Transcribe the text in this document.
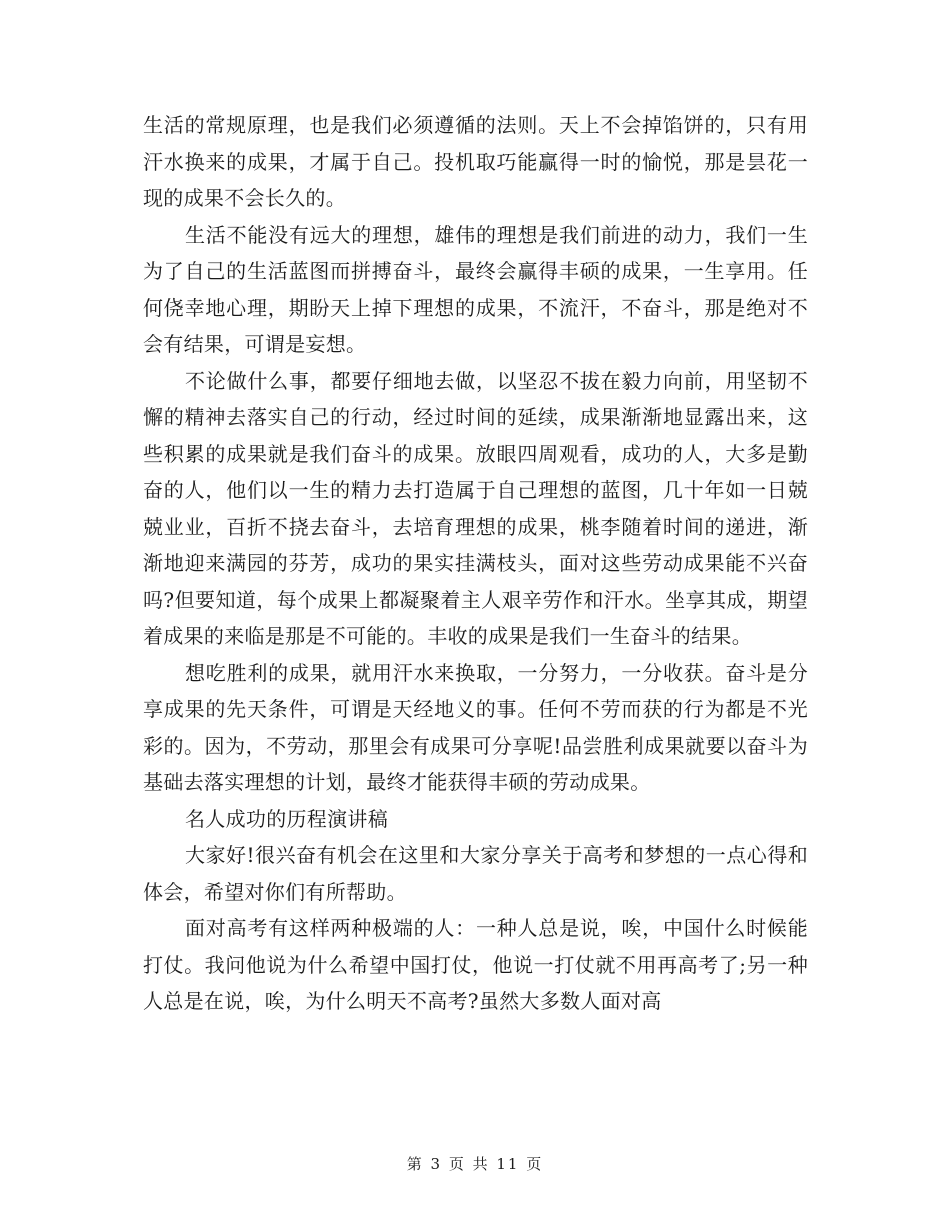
生活的常规原理，也是我们必须遵循的法则。天上不会掉馅饼的，只有用汗水换来的成果，才属于自己。投机取巧能赢得一时的愉悦，那是昙花一现的成果不会长久的。

生活不能没有远大的理想，雄伟的理想是我们前进的动力，我们一生为了自己的生活蓝图而拼搏奋斗，最终会赢得丰硕的成果，一生享用。任何侥幸地心理，期盼天上掉下理想的成果，不流汗，不奋斗，那是绝对不会有结果，可谓是妄想。

不论做什么事，都要仔细地去做，以坚忍不拔在毅力向前，用坚韧不懈的精神去落实自己的行动，经过时间的延续，成果渐渐地显露出来，这些积累的成果就是我们奋斗的成果。放眼四周观看，成功的人，大多是勤奋的人，他们以一生的精力去打造属于自己理想的蓝图，几十年如一日兢兢业业，百折不挠去奋斗，去培育理想的成果，桃李随着时间的递进，渐渐地迎来满园的芬芳，成功的果实挂满枝头，面对这些劳动成果能不兴奋吗?但要知道，每个成果上都凝聚着主人艰辛劳作和汗水。坐享其成，期望着成果的来临是那是不可能的。丰收的成果是我们一生奋斗的结果。

想吃胜利的成果，就用汗水来换取，一分努力，一分收获。奋斗是分享成果的先天条件，可谓是天经地义的事。任何不劳而获的行为都是不光彩的。因为，不劳动，那里会有成果可分享呢!品尝胜利成果就要以奋斗为基础去落实理想的计划，最终才能获得丰硕的劳动成果。

名人成功的历程演讲稿

大家好!很兴奋有机会在这里和大家分享关于高考和梦想的一点心得和体会，希望对你们有所帮助。

面对高考有这样两种极端的人：一种人总是说，唉，中国什么时候能打仗。我问他说为什么希望中国打仗，他说一打仗就不用再高考了;另一种人总是在说，唉，为什么明天不高考?虽然大多数人面对高

第 3 页 共 11 页
